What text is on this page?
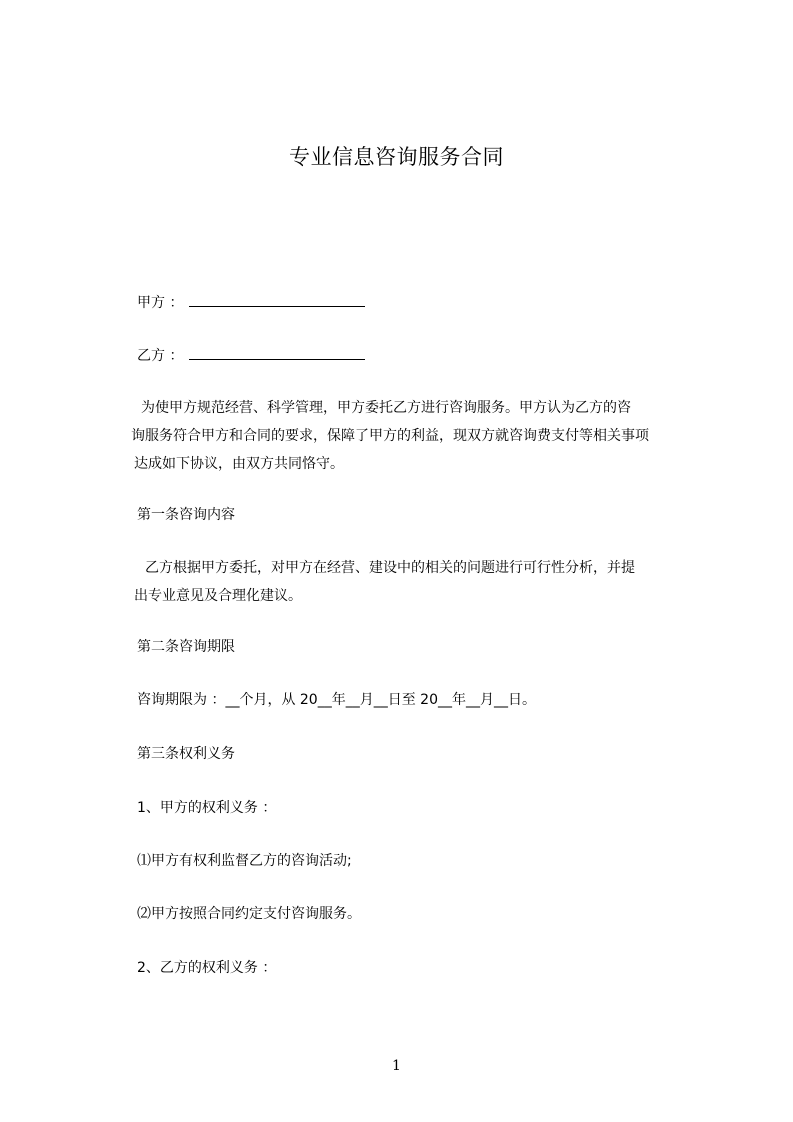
专业信息咨询服务合同
甲方 ：
乙方 ：
为使甲方规范经营、科学管理，甲方委托乙方进行咨询服务。甲方认为乙方的咨
询服务符合甲方和合同的要求，保障了甲方的利益，现双方就咨询费支付等相关事项
达成如下协议，由双方共同恪守。
第一条咨询内容
乙方根据甲方委托，对甲方在经营、建设中的相关的问题进行可行性分析，并提
出专业意见及合理化建议。
第二条咨询期限
咨询期限为 ：__个月，从 20__年__月__日至 20__年__月__日。
第三条权利义务
1、甲方的权利义务 ：
⑴甲方有权利监督乙方的咨询活动;
⑵甲方按照合同约定支付咨询服务。
2、乙方的权利义务 ：
1
